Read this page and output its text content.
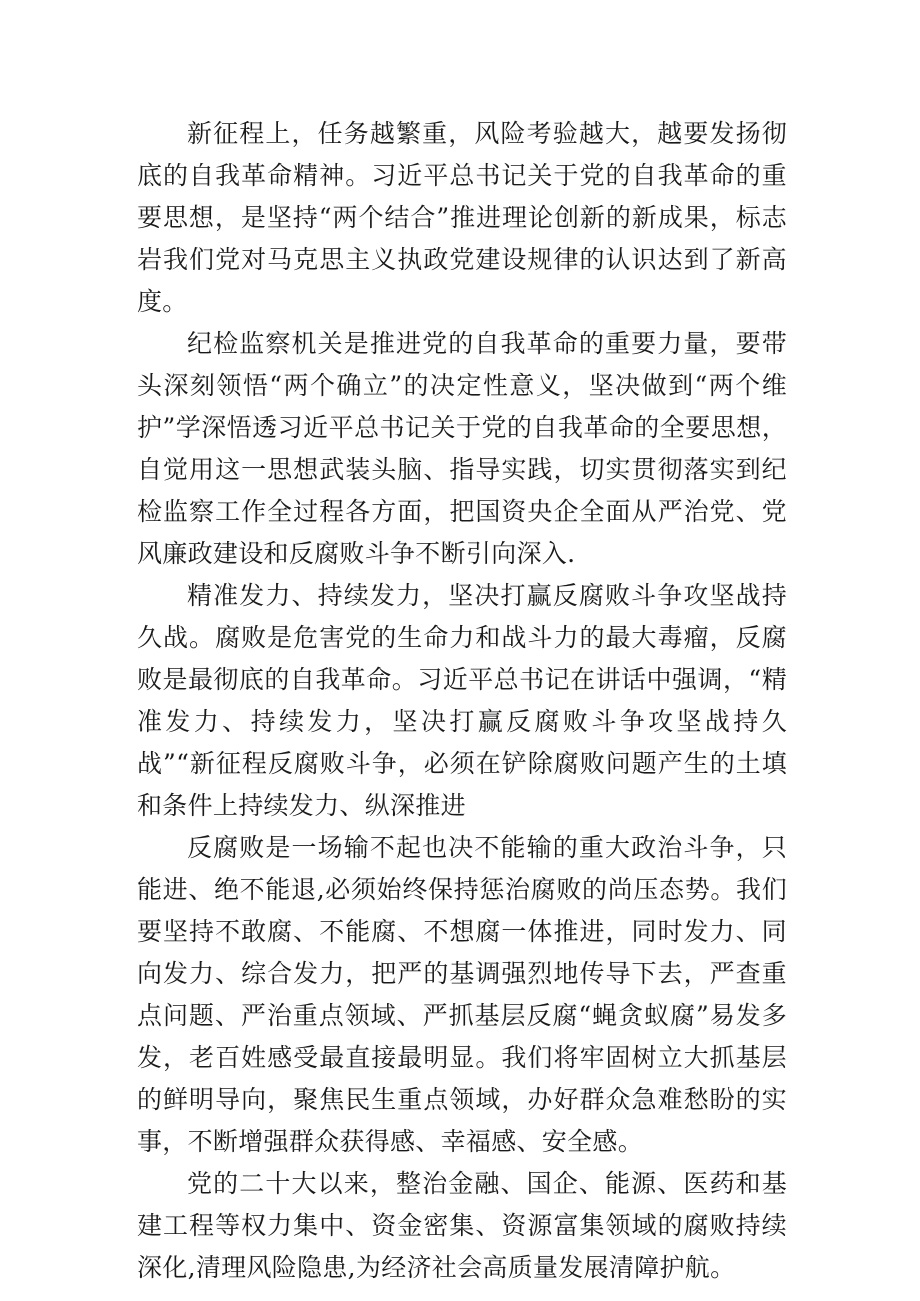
新征程上，任务越繁重，风险考验越大，越要发扬彻底的自我革命精神。习近平总书记关于党的自我革命的重要思想，是坚持“两个结合”推进理论创新的新成果，标志岩我们党对马克思主义执政党建设规律的认识达到了新高度。

纪检监察机关是推进党的自我革命的重要力量，要带头深刻领悟“两个确立”的决定性意义，坚决做到“两个维护”学深悟透习近平总书记关于党的自我革命的全要思想，自觉用这一思想武装头脑、指导实践，切实贯彻落实到纪检监察工作全过程各方面，把国资央企全面从严治党、党风廉政建设和反腐败斗争不断引向深入.

精准发力、持续发力，坚决打赢反腐败斗争攻坚战持久战。腐败是危害党的生命力和战斗力的最大毒瘤，反腐败是最彻底的自我革命。习近平总书记在讲话中强调，“精准发力、持续发力，坚决打赢反腐败斗争攻坚战持久战”“新征程反腐败斗争，必须在铲除腐败问题产生的土填和条件上持续发力、纵深推进

反腐败是一场输不起也决不能输的重大政治斗争，只能进、绝不能退,必须始终保持惩治腐败的尚压态势。我们要坚持不敢腐、不能腐、不想腐一体推进，同时发力、同向发力、综合发力，把严的基调强烈地传导下去，严查重点问题、严治重点领域、严抓基层反腐“蝇贪蚁腐”易发多发，老百姓感受最直接最明显。我们将牢固树立大抓基层的鲜明导向，聚焦民生重点领域，办好群众急难愁盼的实事，不断增强群众获得感、幸福感、安全感。

党的二十大以来，整治金融、国企、能源、医药和基建工程等权力集中、资金密集、资源富集领域的腐败持续深化,清理风险隐患,为经济社会高质量发展清障护航。
